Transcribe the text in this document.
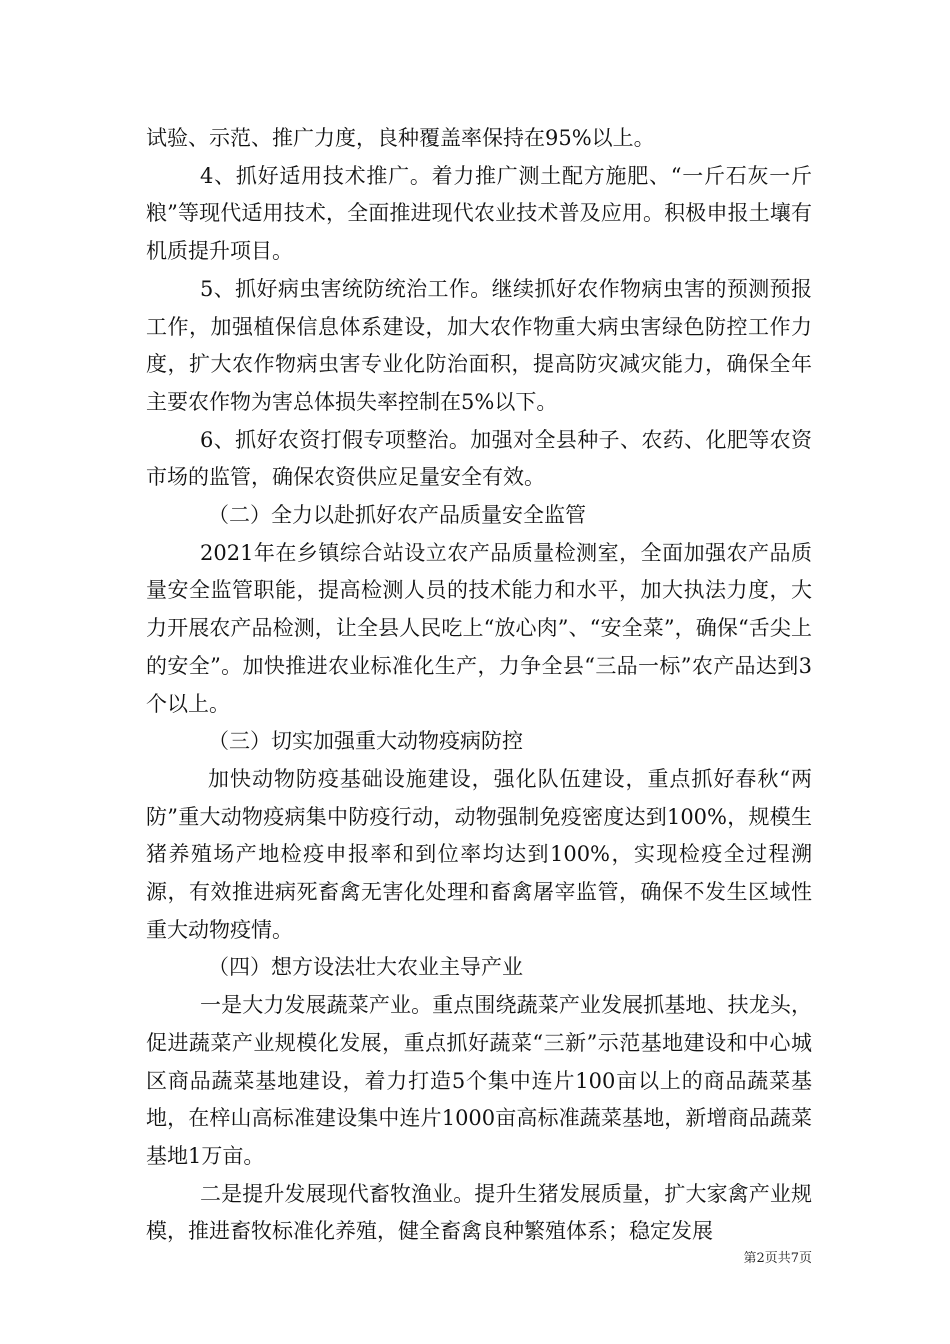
试验、示范、推广力度，良种覆盖率保持在95%以上。

4、抓好适用技术推广。着力推广测土配方施肥、“一斤石灰一斤粮”等现代适用技术，全面推进现代农业技术普及应用。积极申报土壤有机质提升项目。

5、抓好病虫害统防统治工作。继续抓好农作物病虫害的预测预报工作，加强植保信息体系建设，加大农作物重大病虫害绿色防控工作力度，扩大农作物病虫害专业化防治面积，提高防灾减灾能力，确保全年主要农作物为害总体损失率控制在5%以下。

6、抓好农资打假专项整治。加强对全县种子、农药、化肥等农资市场的监管，确保农资供应足量安全有效。

（二）全力以赴抓好农产品质量安全监管

2021年在乡镇综合站设立农产品质量检测室，全面加强农产品质量安全监管职能，提高检测人员的技术能力和水平，加大执法力度，大力开展农产品检测，让全县人民吃上“放心肉”、“安全菜”，确保“舌尖上的安全”。加快推进农业标准化生产，力争全县“三品一标”农产品达到3个以上。

（三）切实加强重大动物疫病防控

加快动物防疫基础设施建设，强化队伍建设，重点抓好春秋“两防”重大动物疫病集中防疫行动，动物强制免疫密度达到100%，规模生猪养殖场产地检疫申报率和到位率均达到100%，实现检疫全过程溯源，有效推进病死畜禽无害化处理和畜禽屠宰监管，确保不发生区域性重大动物疫情。

（四）想方设法壮大农业主导产业

一是大力发展蔬菜产业。重点围绕蔬菜产业发展抓基地、扶龙头，促进蔬菜产业规模化发展，重点抓好蔬菜“三新”示范基地建设和中心城区商品蔬菜基地建设，着力打造5个集中连片100亩以上的商品蔬菜基地，在梓山高标准建设集中连片1000亩高标准蔬菜基地，新增商品蔬菜基地1万亩。

二是提升发展现代畜牧渔业。提升生猪发展质量，扩大家禽产业规模，推进畜牧标准化养殖，健全畜禽良种繁殖体系；稳定发展

第2页共7页
